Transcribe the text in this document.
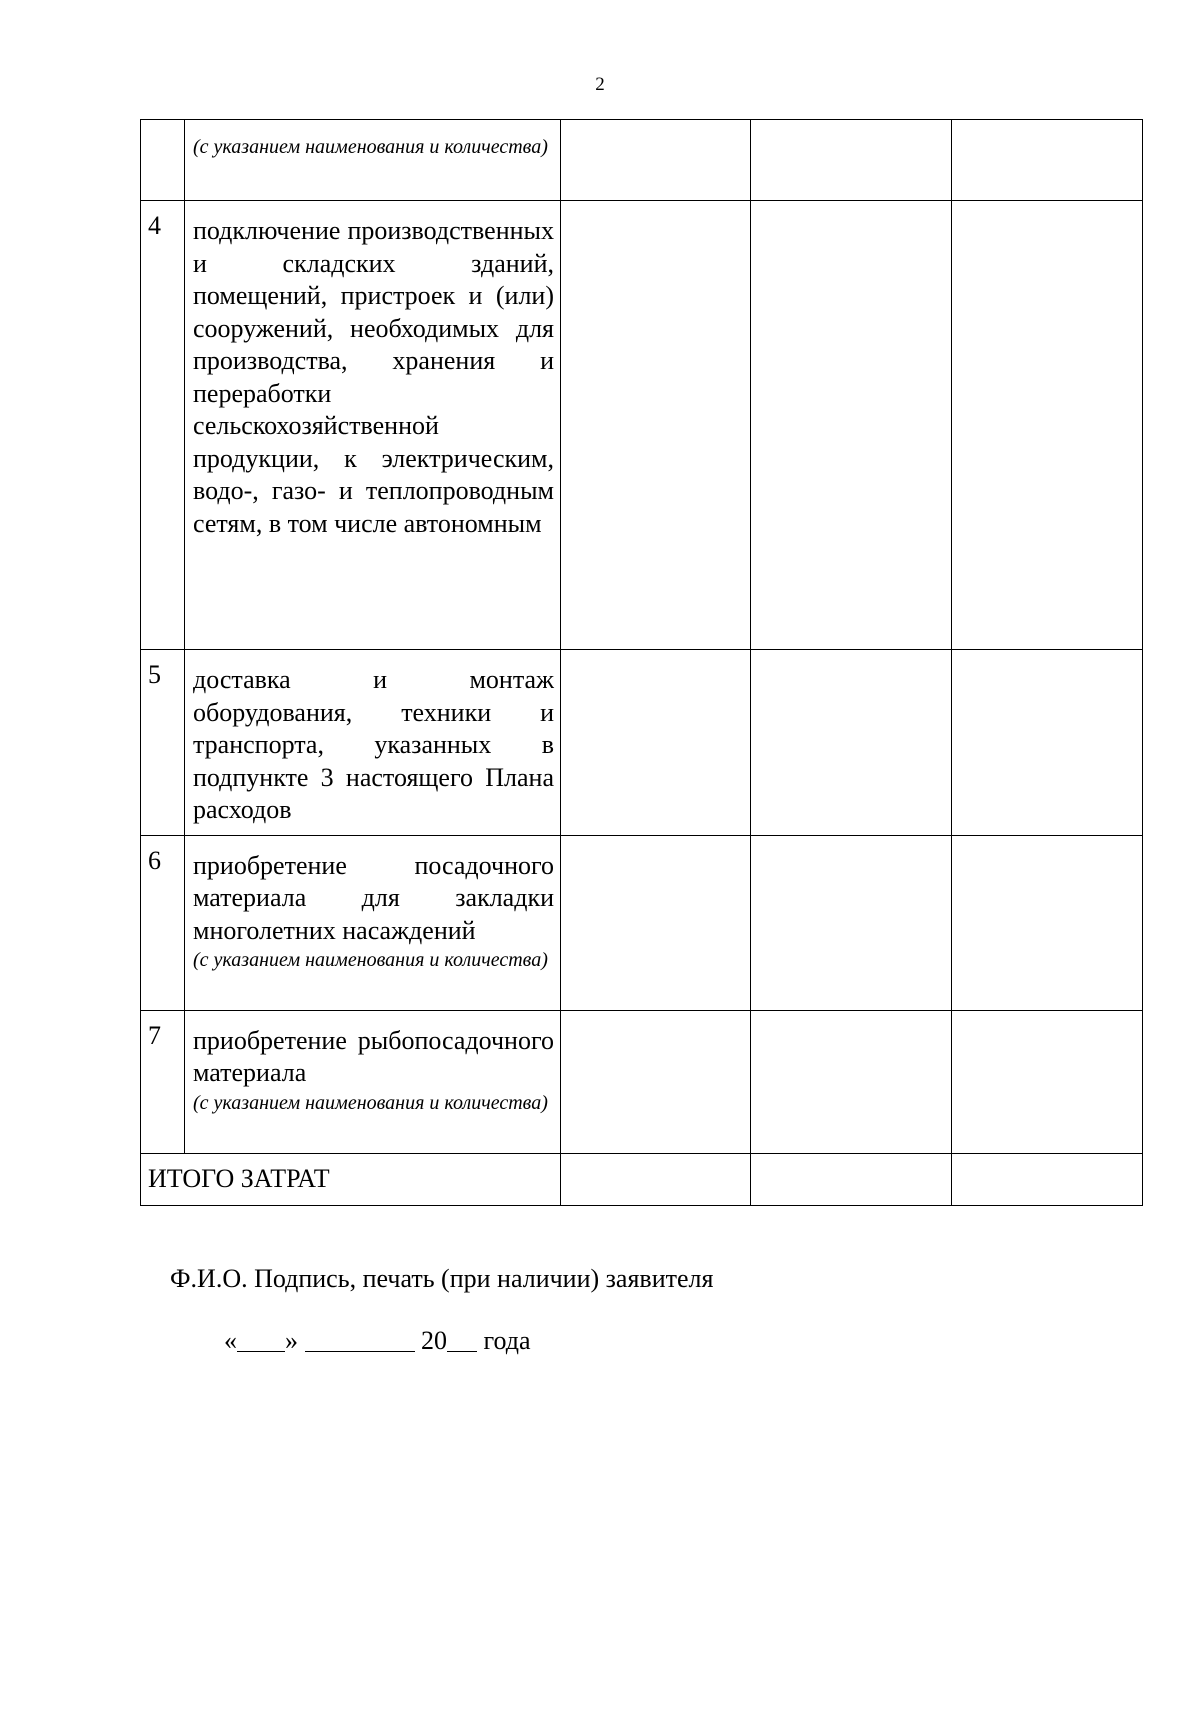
2

	(с указанием наименования и количества)			

4	подключение производственных и складских зданий, помещений, пристроек и (или) сооружений, необходимых для производства, хранения и переработки сельскохозяйственной продукции, к электрическим, водо-, газо- и теплопроводным сетям, в том числе автономным			

5	доставка и монтаж оборудования, техники и транспорта, указанных в подпункте 3 настоящего Плана расходов			

6	приобретение посадочного материала для закладки многолетних насаждений
(с указанием наименования и количества)			

7	приобретение рыбопосадочного материала
(с указанием наименования и количества)			

ИТОГО ЗАТРАТ				
Ф.И.О. Подпись, печать (при наличии) заявителя
« »	20 года
